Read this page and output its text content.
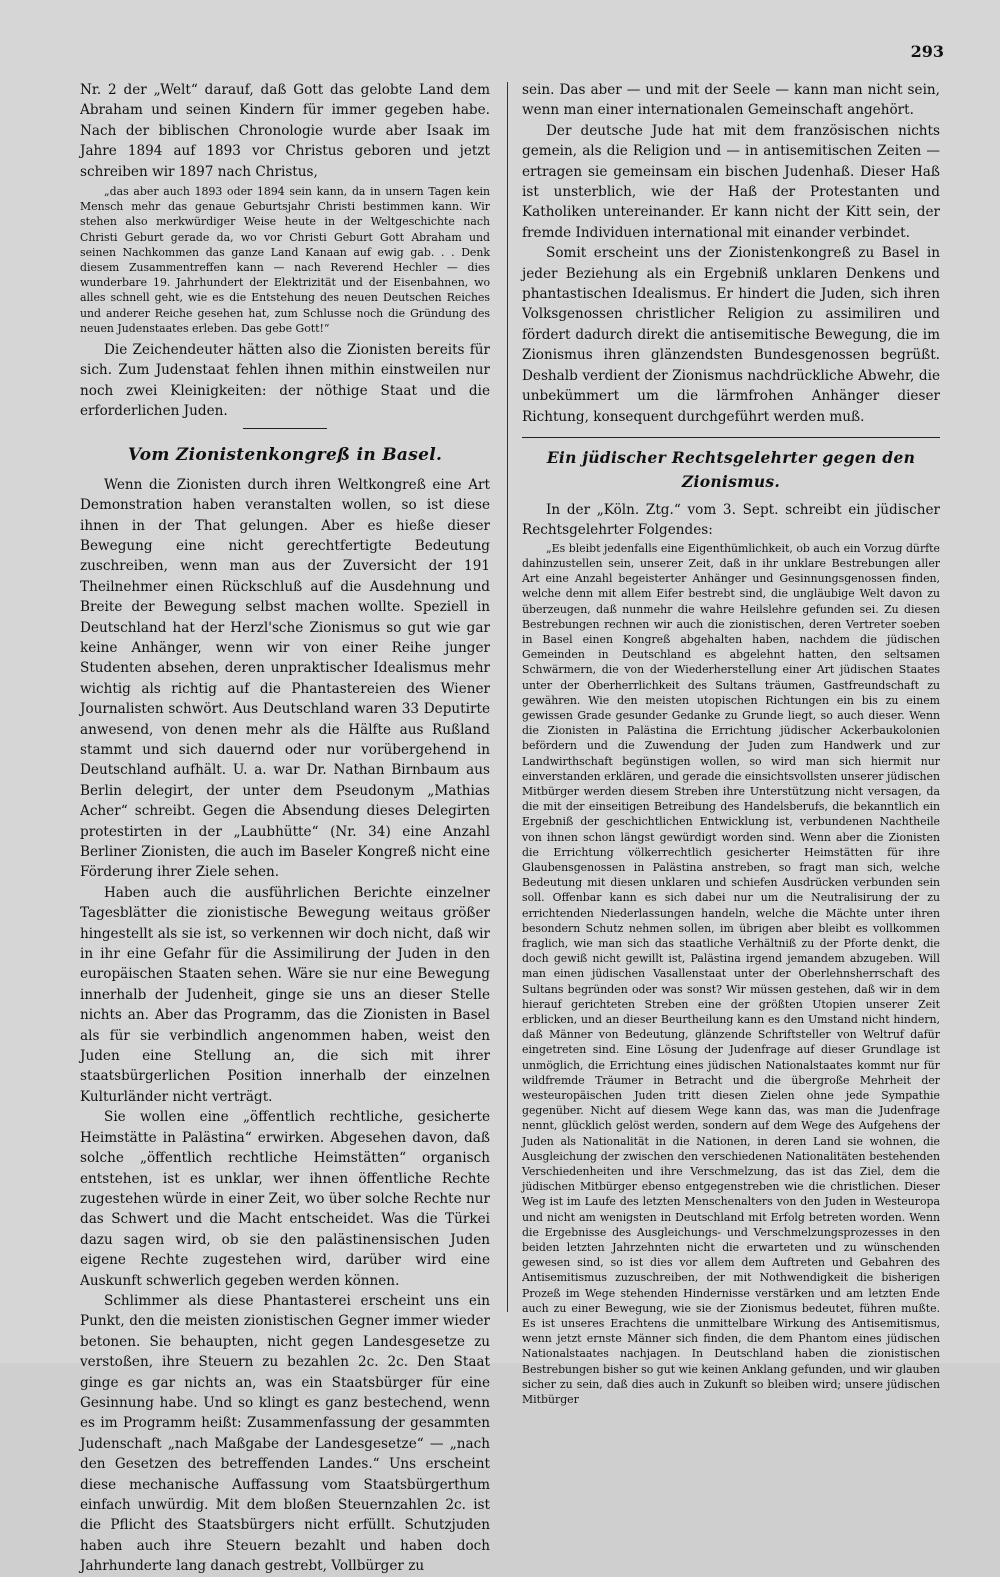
293

Nr. 2 der „Welt“ darauf, daß Gott das gelobte Land dem Abraham und seinen Kindern für immer gegeben habe. Nach der biblischen Chronologie wurde aber Isaak im Jahre 1894 auf 1893 vor Christus geboren und jetzt schreiben wir 1897 nach Christus,

„das aber auch 1893 oder 1894 sein kann, da in unsern Tagen kein Mensch mehr das genaue Geburtsjahr Christi bestimmen kann. Wir stehen also merkwürdiger Weise heute in der Weltgeschichte nach Christi Geburt gerade da, wo vor Christi Geburt Gott Abraham und seinen Nachkommen das ganze Land Kanaan auf ewig gab. . . Denk diesem Zusammentreffen kann — nach Reverend Hechler — dies wunderbare 19. Jahrhundert der Elektrizität und der Eisenbahnen, wo alles schnell geht, wie es die Entstehung des neuen Deutschen Reiches und anderer Reiche gesehen hat, zum Schlusse noch die Gründung des neuen Judenstaates erleben. Das gebe Gott!“

Die Zeichendeuter hätten also die Zionisten bereits für sich. Zum Judenstaat fehlen ihnen mithin einstweilen nur noch zwei Kleinigkeiten: der nöthige Staat und die erforderlichen Juden.

Vom Zionistenkongreß in Basel.

Wenn die Zionisten durch ihren Weltkongreß eine Art Demonstration haben veranstalten wollen, so ist diese ihnen in der That gelungen. Aber es hieße dieser Bewegung eine nicht gerechtfertigte Bedeutung zuschreiben, wenn man aus der Zuversicht der 191 Theilnehmer einen Rückschluß auf die Ausdehnung und Breite der Bewegung selbst machen wollte. Speziell in Deutschland hat der Herzl'sche Zionismus so gut wie gar keine Anhänger, wenn wir von einer Reihe junger Studenten absehen, deren unpraktischer Idealismus mehr wichtig als richtig auf die Phantastereien des Wiener Journalisten schwört. Aus Deutschland waren 33 Deputirte anwesend, von denen mehr als die Hälfte aus Rußland stammt und sich dauernd oder nur vorübergehend in Deutschland aufhält. U. a. war Dr. Nathan Birnbaum aus Berlin delegirt, der unter dem Pseudonym „Mathias Acher“ schreibt. Gegen die Absendung dieses Delegirten protestirten in der „Laubhütte“ (Nr. 34) eine Anzahl Berliner Zionisten, die auch im Baseler Kongreß nicht eine Förderung ihrer Ziele sehen.

Haben auch die ausführlichen Berichte einzelner Tagesblätter die zionistische Bewegung weitaus größer hingestellt als sie ist, so verkennen wir doch nicht, daß wir in ihr eine Gefahr für die Assimilirung der Juden in den europäischen Staaten sehen. Wäre sie nur eine Bewegung innerhalb der Judenheit, ginge sie uns an dieser Stelle nichts an. Aber das Programm, das die Zionisten in Basel als für sie verbindlich angenommen haben, weist den Juden eine Stellung an, die sich mit ihrer staatsbürgerlichen Position innerhalb der einzelnen Kulturländer nicht verträgt.

Sie wollen eine „öffentlich rechtliche, gesicherte Heimstätte in Palästina“ erwirken. Abgesehen davon, daß solche „öffentlich rechtliche Heimstätten“ organisch entstehen, ist es unklar, wer ihnen öffentliche Rechte zugestehen würde in einer Zeit, wo über solche Rechte nur das Schwert und die Macht entscheidet. Was die Türkei dazu sagen wird, ob sie den palästinensischen Juden eigene Rechte zugestehen wird, darüber wird eine Auskunft schwerlich gegeben werden können.

Schlimmer als diese Phantasterei erscheint uns ein Punkt, den die meisten zionistischen Gegner immer wieder betonen. Sie behaupten, nicht gegen Landesgesetze zu verstoßen, ihre Steuern zu bezahlen 2c. 2c. Den Staat ginge es gar nichts an, was ein Staatsbürger für eine Gesinnung habe. Und so klingt es ganz bestechend, wenn es im Programm heißt: Zusammenfassung der gesammten Judenschaft „nach Maßgabe der Landesgesetze“ — „nach den Gesetzen des betreffenden Landes.“ Uns erscheint diese mechanische Auffassung vom Staatsbürgerthum einfach unwürdig. Mit dem bloßen Steuernzahlen 2c. ist die Pflicht des Staatsbürgers nicht erfüllt. Schutzjuden haben auch ihre Steuern bezahlt und haben doch Jahrhunderte lang danach gestrebt, Vollbürger zu

sein. Das aber — und mit der Seele — kann man nicht sein, wenn man einer internationalen Gemeinschaft angehört.

Der deutsche Jude hat mit dem französischen nichts gemein, als die Religion und — in antisemitischen Zeiten — ertragen sie gemeinsam ein bischen Judenhaß. Dieser Haß ist unsterblich, wie der Haß der Protestanten und Katholiken untereinander. Er kann nicht der Kitt sein, der fremde Individuen international mit einander verbindet.

Somit erscheint uns der Zionistenkongreß zu Basel in jeder Beziehung als ein Ergebniß unklaren Denkens und phantastischen Idealismus. Er hindert die Juden, sich ihren Volksgenossen christlicher Religion zu assimiliren und fördert dadurch direkt die antisemitische Bewegung, die im Zionismus ihren glänzendsten Bundesgenossen begrüßt. Deshalb verdient der Zionismus nachdrückliche Abwehr, die unbekümmert um die lärmfrohen Anhänger dieser Richtung, konsequent durchgeführt werden muß.

Ein jüdischer Rechtsgelehrter gegen den Zionismus.

In der „Köln. Ztg.“ vom 3. Sept. schreibt ein jüdischer Rechtsgelehrter Folgendes:

„Es bleibt jedenfalls eine Eigenthümlichkeit, ob auch ein Vorzug dürfte dahinzustellen sein, unserer Zeit, daß in ihr unklare Bestrebungen aller Art eine Anzahl begeisterter Anhänger und Gesinnungsgenossen finden, welche denn mit allem Eifer bestrebt sind, die ungläubige Welt davon zu überzeugen, daß nunmehr die wahre Heilslehre gefunden sei. Zu diesen Bestrebungen rechnen wir auch die zionistischen, deren Vertreter soeben in Basel einen Kongreß abgehalten haben, nachdem die jüdischen Gemeinden in Deutschland es abgelehnt hatten, den seltsamen Schwärmern, die von der Wiederherstellung einer Art jüdischen Staates unter der Oberherrlichkeit des Sultans träumen, Gastfreundschaft zu gewähren. Wie den meisten utopischen Richtungen ein bis zu einem gewissen Grade gesunder Gedanke zu Grunde liegt, so auch dieser. Wenn die Zionisten in Palästina die Errichtung jüdischer Ackerbaukolonien befördern und die Zuwendung der Juden zum Handwerk und zur Landwirthschaft begünstigen wollen, so wird man sich hiermit nur einverstanden erklären, und gerade die einsichtsvollsten unserer jüdischen Mitbürger werden diesem Streben ihre Unterstützung nicht versagen, da die mit der einseitigen Betreibung des Handelsberufs, die bekanntlich ein Ergebniß der geschichtlichen Entwicklung ist, verbundenen Nachtheile von ihnen schon längst gewürdigt worden sind. Wenn aber die Zionisten die Errichtung völkerrechtlich gesicherter Heimstätten für ihre Glaubensgenossen in Palästina anstreben, so fragt man sich, welche Bedeutung mit diesen unklaren und schiefen Ausdrücken verbunden sein soll. Offenbar kann es sich dabei nur um die Neutralisirung der zu errichtenden Niederlassungen handeln, welche die Mächte unter ihren besondern Schutz nehmen sollen, im übrigen aber bleibt es vollkommen fraglich, wie man sich das staatliche Verhältniß zu der Pforte denkt, die doch gewiß nicht gewillt ist, Palästina irgend jemandem abzugeben. Will man einen jüdischen Vasallenstaat unter der Oberlehnsherrschaft des Sultans begründen oder was sonst? Wir müssen gestehen, daß wir in dem hierauf gerichteten Streben eine der größten Utopien unserer Zeit erblicken, und an dieser Beurtheilung kann es den Umstand nicht hindern, daß Männer von Bedeutung, glänzende Schriftsteller von Weltruf dafür eingetreten sind. Eine Lösung der Judenfrage auf dieser Grundlage ist unmöglich, die Errichtung eines jüdischen Nationalstaates kommt nur für wildfremde Träumer in Betracht und die übergroße Mehrheit der westeuropäischen Juden tritt diesen Zielen ohne jede Sympathie gegenüber. Nicht auf diesem Wege kann das, was man die Judenfrage nennt, glücklich gelöst werden, sondern auf dem Wege des Aufgehens der Juden als Nationalität in die Nationen, in deren Land sie wohnen, die Ausgleichung der zwischen den verschiedenen Nationalitäten bestehenden Verschiedenheiten und ihre Verschmelzung, das ist das Ziel, dem die jüdischen Mitbürger ebenso entgegenstreben wie die christlichen. Dieser Weg ist im Laufe des letzten Menschenalters von den Juden in Westeuropa und nicht am wenigsten in Deutschland mit Erfolg betreten worden. Wenn die Ergebnisse des Ausgleichungs- und Verschmelzungsprozesses in den beiden letzten Jahrzehnten nicht die erwarteten und zu wünschenden gewesen sind, so ist dies vor allem dem Auftreten und Gebahren des Antisemitismus zuzuschreiben, der mit Nothwendigkeit die bisherigen Prozeß im Wege stehenden Hindernisse verstärken und am letzten Ende auch zu einer Bewegung, wie sie der Zionismus bedeutet, führen mußte. Es ist unseres Erachtens die unmittelbare Wirkung des Antisemitismus, wenn jetzt ernste Männer sich finden, die dem Phantom eines jüdischen Nationalstaates nachjagen. In Deutschland haben die zionistischen Bestrebungen bisher so gut wie keinen Anklang gefunden, und wir glauben sicher zu sein, daß dies auch in Zukunft so bleiben wird; unsere jüdischen Mitbürger
